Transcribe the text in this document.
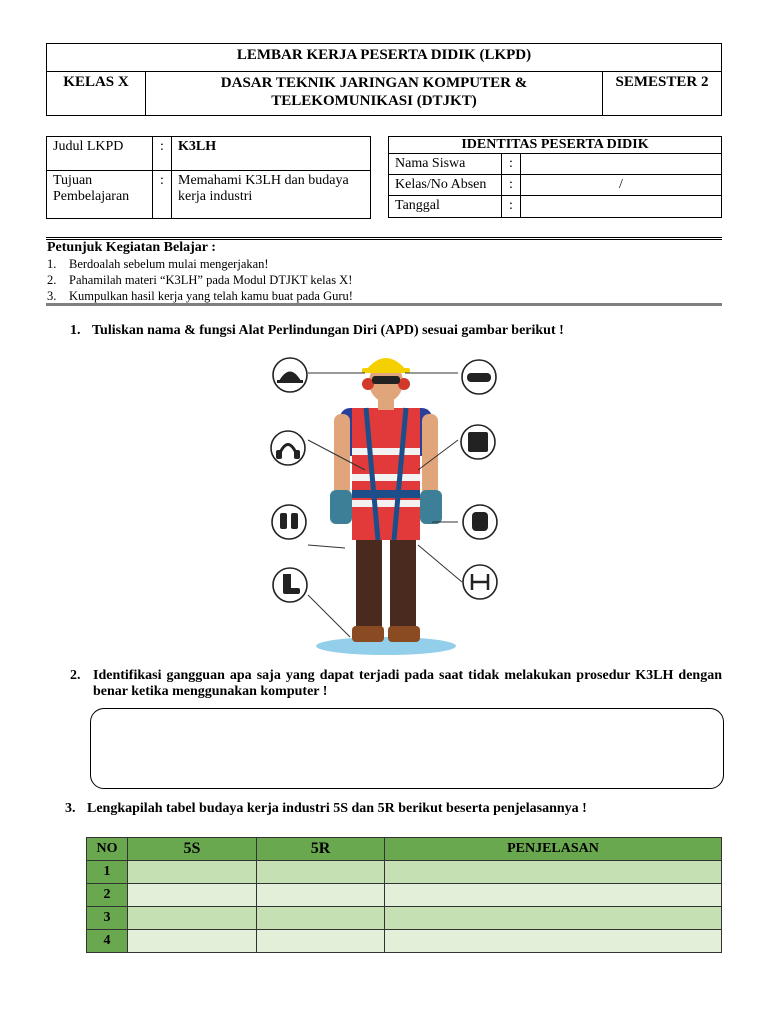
LEMBAR KERJA PESERTA DIDIK (LKPD)
KELAS X	DASAR TEKNIK JARINGAN KOMPUTER & TELEKOMUNIKASI (DTJKT)	SEMESTER 2
Judul LKPD	:	K3LH
Tujuan Pembelajaran	:	Memahami K3LH dan budaya kerja industri
IDENTITAS PESERTA DIDIK		
Nama Siswa	:	
Kelas/No Absen	:	/
Tanggal	:	
Petunjuk Kegiatan Belajar :
1. Berdoalah sebelum mulai mengerjakan!
2. Pahamilah materi “K3LH” pada Modul DTJKT kelas X!
3. Kumpulkan hasil kerja yang telah kamu buat pada Guru!
1. Tuliskan nama & fungsi Alat Perlindungan Diri (APD) sesuai gambar berikut !
2. Identifikasi gangguan apa saja yang dapat terjadi pada saat tidak melakukan prosedur K3LH dengan benar ketika menggunakan komputer !
3. Lengkapilah tabel budaya kerja industri 5S dan 5R berikut beserta penjelasannya !
NO	5S	5R	PENJELASAN
1			
2			
3			
4			
